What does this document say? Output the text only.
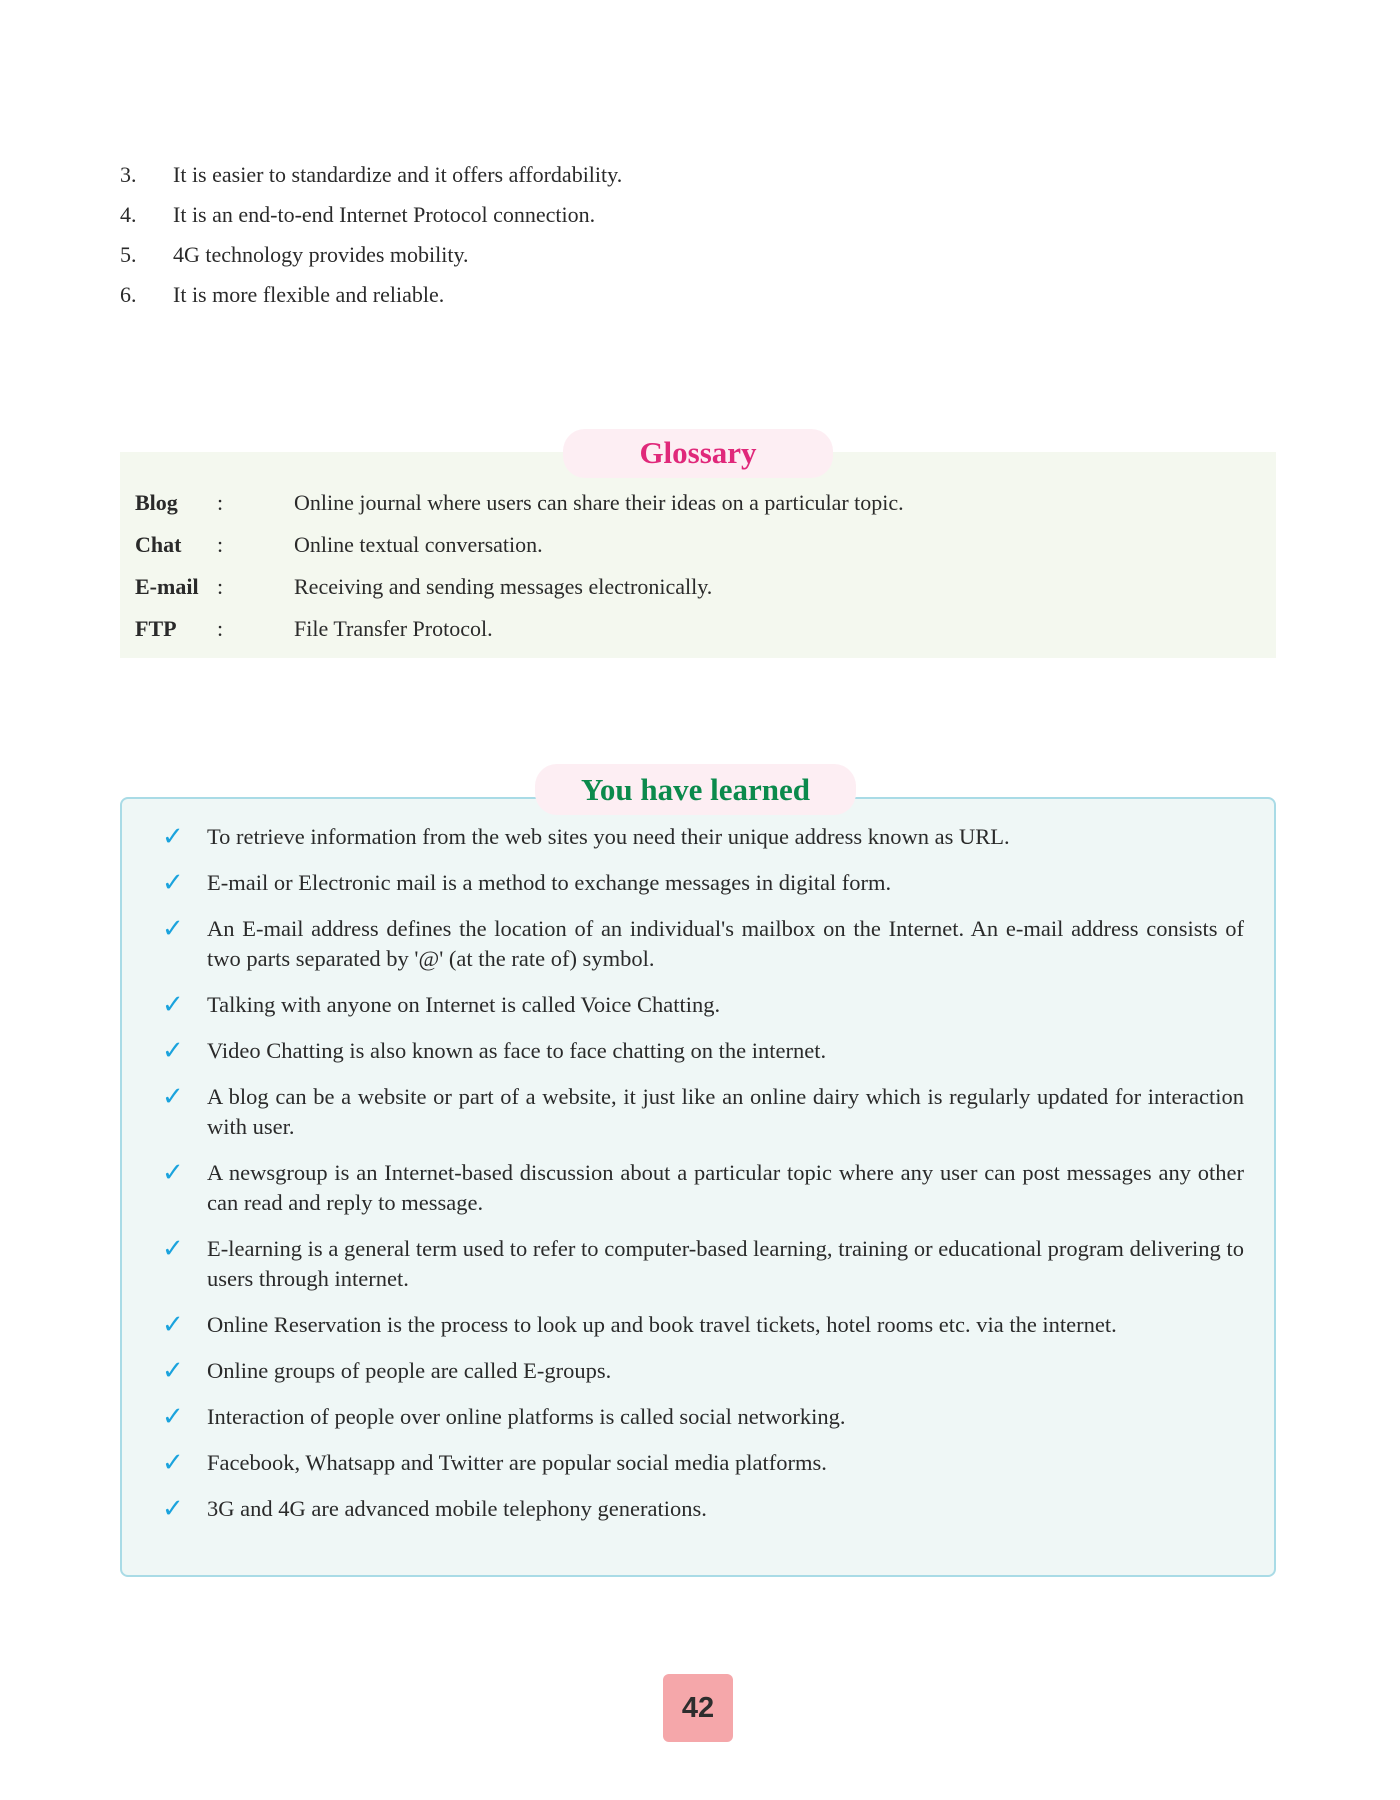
3.	It is easier to standardize and it offers affordability.
4.	It is an end-to-end Internet Protocol connection.
5.	4G technology provides mobility.
6.	It is more flexible and reliable.
Glossary
Blog :	Online journal where users can share their ideas on a particular topic.
Chat :	Online textual conversation.
E-mail :	Receiving and sending messages electronically.
FTP :	File Transfer Protocol.
You have learned
✓ To retrieve information from the web sites you need their unique address known as URL.
✓ E-mail or Electronic mail is a method to exchange messages in digital form.
✓ An E-mail address defines the location of an individual's mailbox on the Internet. An e-mail address consists of two parts separated by '@' (at the rate of) symbol.
✓ Talking with anyone on Internet is called Voice Chatting.
✓ Video Chatting is also known as face to face chatting on the internet.
✓ A blog can be a website or part of a website, it just like an online dairy which is regularly updated for interaction with user.
✓ A newsgroup is an Internet-based discussion about a particular topic where any user can post messages any other can read and reply to message.
✓ E-learning is a general term used to refer to computer-based learning, training or educational program delivering to users through internet.
✓ Online Reservation is the process to look up and book travel tickets, hotel rooms etc. via the internet.
✓ Online groups of people are called E-groups.
✓ Interaction of people over online platforms is called social networking.
✓ Facebook, Whatsapp and Twitter are popular social media platforms.
✓ 3G and 4G are advanced mobile telephony generations.
42
